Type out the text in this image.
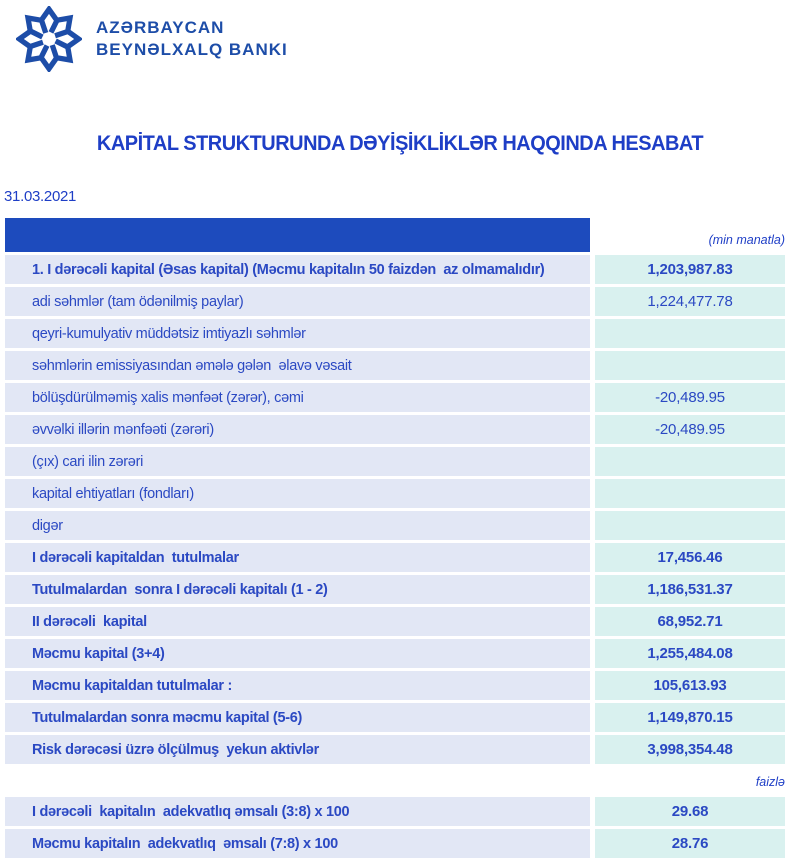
AZƏRBAYCAN
BEYNƏLXALQ BANKI
KAPİTAL STRUKTURUNDA DƏYİŞİKLİKLƏR HAQQINDA HESABAT
31.03.2021
(min manatla)
1. I dərəcəli kapital (Əsas kapital) (Məcmu kapitalın 50 faizdən  az olmamalıdır)	1,203,987.83
adi səhmlər (tam ödənilmiş paylar)	1,224,477.78
qeyri-kumulyativ müddətsiz imtiyazlı səhmlər
səhmlərin emissiyasından əmələ gələn  əlavə vəsait
bölüşdürülməmiş xalis mənfəət (zərər), cəmi	-20,489.95
əvvəlki illərin mənfəəti (zərəri)	-20,489.95
(çıx) cari ilin zərəri
kapital ehtiyatları (fondları)
digər
I dərəcəli kapitaldan  tutulmalar	17,456.46
Tutulmalardan  sonra I dərəcəli kapitalı (1 - 2)	1,186,531.37
II dərəcəli  kapital	68,952.71
Məcmu kapital (3+4)	1,255,484.08
Məcmu kapitaldan tutulmalar :	105,613.93
Tutulmalardan sonra məcmu kapital (5-6)	1,149,870.15
Risk dərəcəsi üzrə ölçülmuş  yekun aktivlər	3,998,354.48
faizlə
I dərəcəli  kapitalın  adekvatlıq əmsalı (3:8) x 100	29.68
Məcmu kapitalın  adekvatlıq  əmsalı (7:8) x 100	28.76
